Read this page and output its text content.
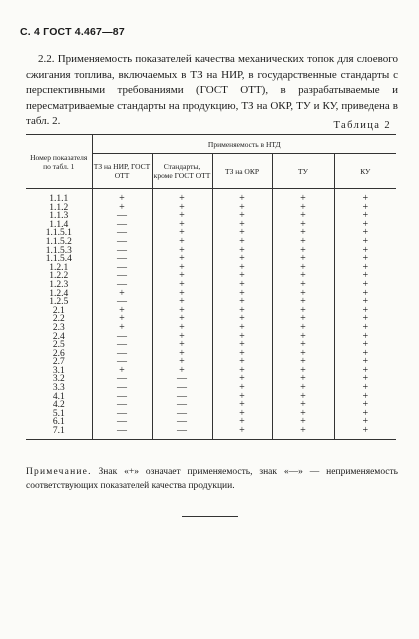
С. 4 ГОСТ 4.467—87

2.2. Применяемость показателей качества механических топок для слоевого сжигания топлива, включаемых в ТЗ на НИР, в государственные стандарты с перспективными требованиями (ГОСТ ОТТ), в разрабатываемые и пересматриваемые стандарты на продукцию, ТЗ на ОКР, ТУ и КУ, приведена в табл. 2.	Таблица 2
Номер показателя по табл. 1	Применяемость в НТД				
	ТЗ на НИР, ГОСТ ОТТ	Стандарты, кроме ГОСТ ОТТ	ТЗ на ОКР	ТУ	КУ
1.1.1	+	+	+	+	+
1.1.2	+	+	+	+	+
1.1.3	—	+	+	+	+
1.1.4	—	+	+	+	+
1.1.5.1	—	+	+	+	+
1.1.5.2	—	+	+	+	+
1.1.5.3	—	+	+	+	+
1.1.5.4	—	+	+	+	+
1.2.1	—	+	+	+	+
1.2.2	—	+	+	+	+
1.2.3	—	+	+	+	+
1.2.4	+	+	+	+	+
1.2.5	—	+	+	+	+
2.1	+	+	+	+	+
2.2	+	+	+	+	+
2.3	+	+	+	+	+
2.4	—	+	+	+	+
2.5	—	+	+	+	+
2.6	—	+	+	+	+
2.7	—	+	+	+	+
3.1	+	+	+	+	+
3.2	—	—	+	+	+
3.3	—	—	+	+	+
4.1	—	—	+	+	+
4.2	—	—	+	+	+
5.1	—	—	+	+	+
6.1	—	—	+	+	+
7.1	—	—	+	+	+
Примечание. Знак «+» означает применяемость, знак «—» — неприменяемость соответствующих показателей качества продукции.
